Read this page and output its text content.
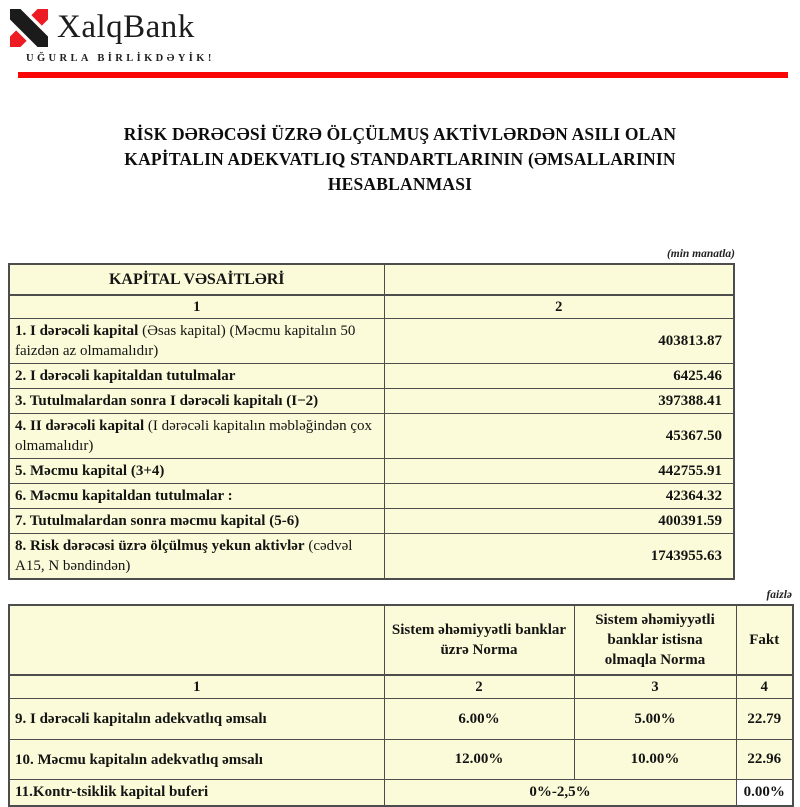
XalqBank
UĞURLA BİRLİKDƏYİK!
RİSK DƏRƏCƏSİ ÜZRƏ ÖLÇÜLMUŞ AKTİVLƏRDƏN ASILI OLAN
KAPİTALIN ADEKVATLIQ STANDARTLARININ (ƏMSALLARININ
HESABLANMASI
(min manatla)
KAPİTAL VƏSAİTLƏRİ	
1	2
1. I dərəcəli kapital (Əsas kapital) (Məcmu kapitalın 50 faizdən az olmamalıdır)	403813.87
2. I dərəcəli kapitaldan tutulmalar	6425.46
3. Tutulmalardan sonra I dərəcəli kapitalı (I−2)	397388.41
4. II dərəcəli kapital (I dərəcəli kapitalın məbləğindən çox olmamalıdır)	45367.50
5. Məcmu kapital (3+4)	442755.91
6. Məcmu kapitaldan tutulmalar :	42364.32
7. Tutulmalardan sonra məcmu kapital (5-6)	400391.59
8. Risk dərəcəsi üzrə ölçülmuş yekun aktivlər (cədvəl A15, N bəndindən)	1743955.63
faizlə
	Sistem əhəmiyyətli banklar üzrə Norma	Sistem əhəmiyyətli banklar istisna olmaqla Norma	Fakt
1	2	3	4
9. I dərəcəli kapitalın adekvatlıq əmsalı	6.00%	5.00%	22.79
10. Məcmu kapitalın adekvatlıq əmsalı	12.00%	10.00%	22.96
11.Kontr-tsiklik kapital buferi	0%-2,5%		0.00%
